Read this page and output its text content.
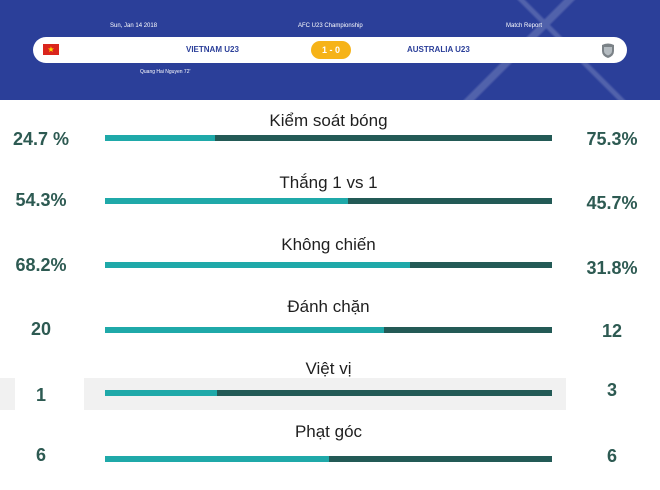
Sun, Jan 14 2018	AFC U23 Championship	Match Report
★	VIETNAM U23	1 - 0	AUSTRALIA U23
Quang Hai Nguyen 72'
Kiểm soát bóng
24.7 %	75.3%
Thắng 1 vs 1
54.3%	45.7%
Không chiến
68.2%	31.8%
Đánh chặn
20	12
Việt vị
1	3
Phạt góc
6	6
